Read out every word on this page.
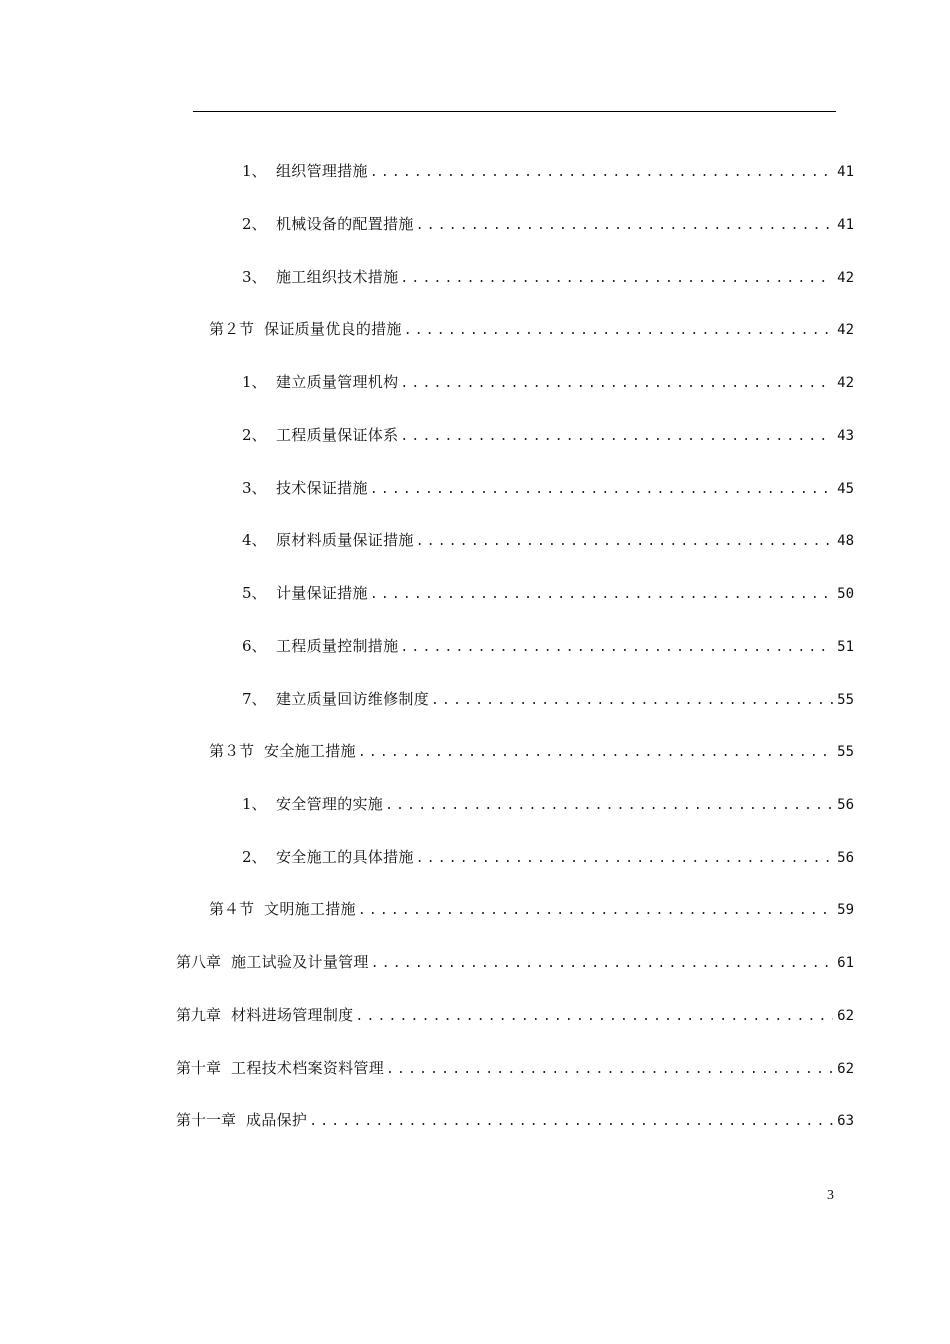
1、 组织管理措施 .....	41
2、 机械设备的配置措施 .....	41
3、 施工组织技术措施 .....	42
第２节 保证质量优良的措施 .....	42
1、 建立质量管理机构 .....	42
2、 工程质量保证体系 .....	43
3、 技术保证措施 .....	45
4、 原材料质量保证措施 .....	48
5、 计量保证措施 .....	50
6、 工程质量控制措施 .....	51
7、 建立质量回访维修制度 .....	55
第３节 安全施工措施 .....	55
1、 安全管理的实施 .....	56
2、 安全施工的具体措施 .....	56
第４节 文明施工措施 .....	59
第八章 施工试验及计量管理 .....	61
第九章 材料进场管理制度 .....	62
第十章 工程技术档案资料管理 .....	62
第十一章 成品保护 .....	63
3
